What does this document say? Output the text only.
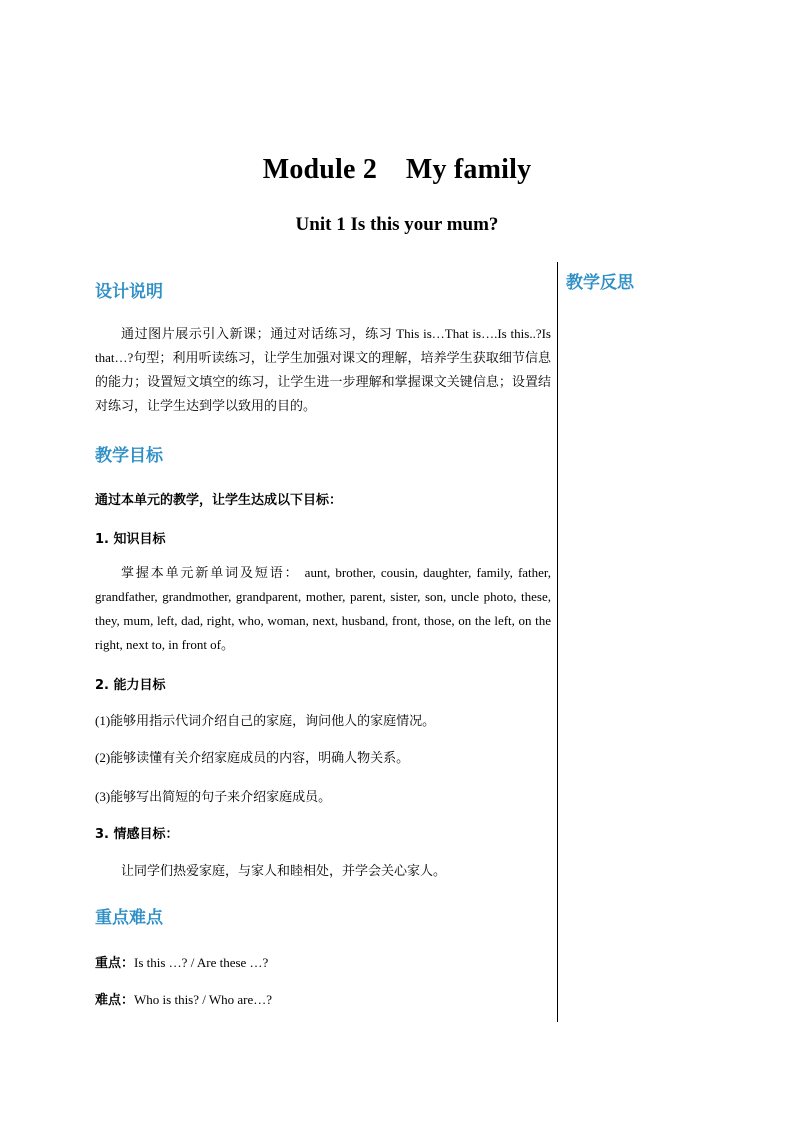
Module 2    My family
Unit 1 Is this your mum?
教学反思
设计说明
通过图片展示引入新课；通过对话练习，练习 This is…That is….Is this..?Is that…?句型；利用听读练习，让学生加强对课文的理解，培养学生获取细节信息的能力；设置短文填空的练习，让学生进一步理解和掌握课文关键信息；设置结对练习，让学生达到学以致用的目的。
教学目标
通过本单元的教学，让学生达成以下目标：
1. 知识目标
掌握本单元新单词及短语： aunt, brother, cousin, daughter, family, father, grandfather, grandmother, grandparent, mother, parent, sister, son, uncle photo, these, they, mum, left, dad, right, who, woman, next, husband, front, those, on the left, on the right, next to, in front of。
2. 能力目标
(1)能够用指示代词介绍自己的家庭，询问他人的家庭情况。
(2)能够读懂有关介绍家庭成员的内容，明确人物关系。
(3)能够写出简短的句子来介绍家庭成员。
3. 情感目标：
让同学们热爱家庭，与家人和睦相处，并学会关心家人。
重点难点
重点：Is this …? / Are these …?
难点：Who is this? / Who are…?
